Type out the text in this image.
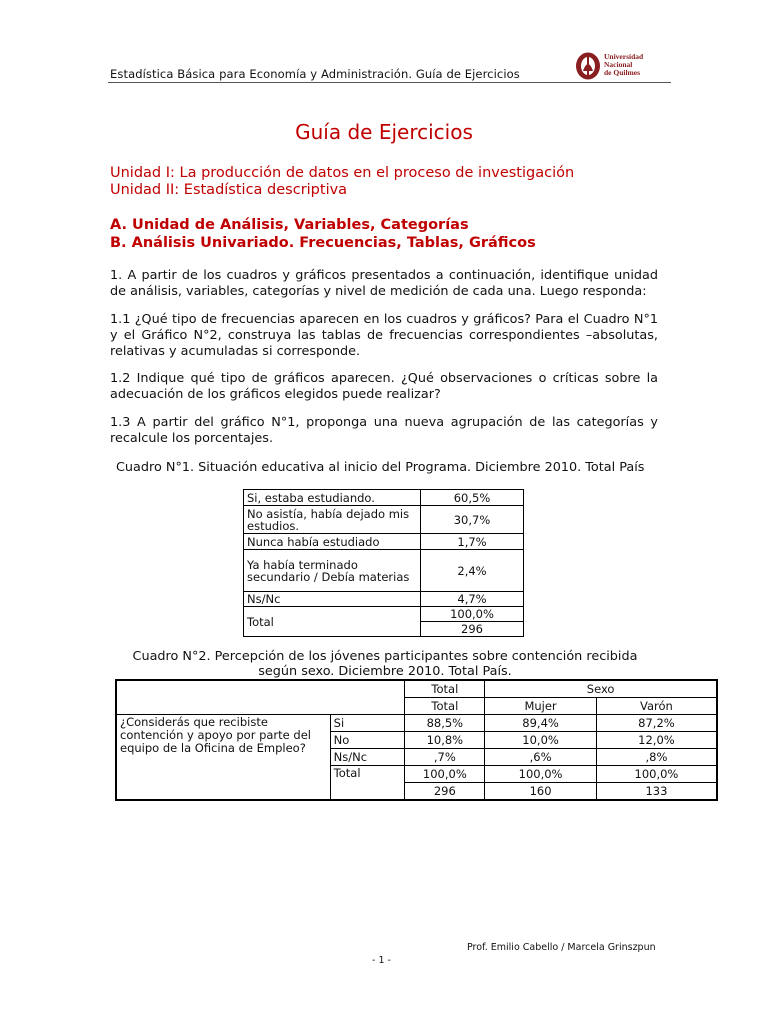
Estadística Básica para Economía y Administración. Guía de Ejercicios
Universidad
Nacional
de Quilmes
Guía de Ejercicios
Unidad I: La producción de datos en el proceso de investigación
Unidad II: Estadística descriptiva
A. Unidad de Análisis, Variables, Categorías
B. Análisis Univariado. Frecuencias, Tablas, Gráficos
1. A partir de los cuadros y gráficos presentados a continuación, identifique unidad de análisis, variables, categorías y nivel de medición de cada una. Luego responda:
1.1 ¿Qué tipo de frecuencias aparecen en los cuadros y gráficos? Para el Cuadro N°1 y el Gráfico N°2, construya las tablas de frecuencias correspondientes –absolutas, relativas y acumuladas si corresponde.
1.2 Indique qué tipo de gráficos aparecen. ¿Qué observaciones o críticas sobre la adecuación de los gráficos elegidos puede realizar?
1.3 A partir del gráfico N°1, proponga una nueva agrupación de las categorías y recalcule los porcentajes.
Cuadro N°1. Situación educativa al inicio del Programa. Diciembre 2010. Total País
Si, estaba estudiando.	60,5%
No asistía, había dejado mis estudios.	30,7%
Nunca había estudiado	1,7%
Ya había terminado secundario / Debía materias	2,4%
Ns/Nc	4,7%
Total	100,0%
	296
Cuadro N°2. Percepción de los jóvenes participantes sobre contención recibida
según sexo. Diciembre 2010. Total País.
		Total	Sexo	
		Total	Mujer	Varón
¿Considerás que recibiste contención y apoyo por parte del equipo de la Oficina de Empleo?	Si	88,5%	89,4%	87,2%
	No	10,8%	10,0%	12,0%
	Ns/Nc	,7%	,6%	,8%
	Total	100,0%	100,0%	100,0%
		296	160	133
Prof. Emilio Cabello / Marcela Grinszpun
- 1 -
